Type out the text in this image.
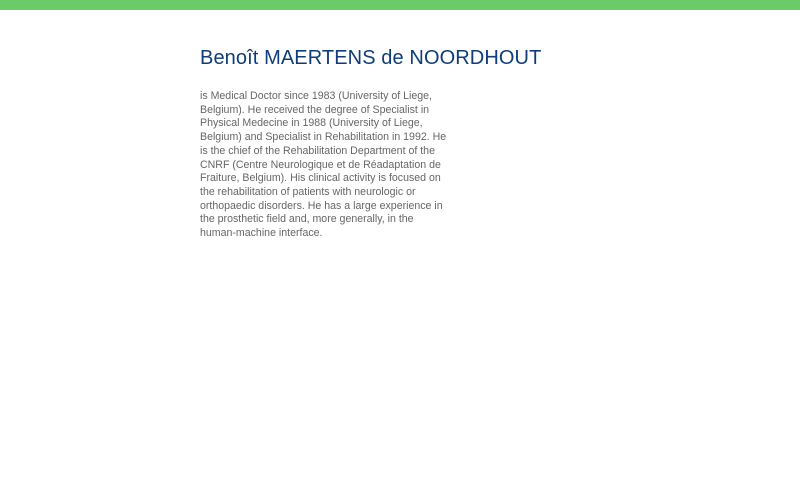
Benoît MAERTENS de NOORDHOUT

is Medical Doctor since 1983 (University of Liege,
Belgium). He received the degree of Specialist in
Physical Medecine in 1988 (University of Liege,
Belgium) and Specialist in Rehabilitation in 1992. He
is the chief of the Rehabilitation Department of the
CNRF (Centre Neurologique et de Réadaptation de
Fraiture, Belgium). His clinical activity is focused on
the rehabilitation of patients with neurologic or
orthopaedic disorders. He has a large experience in
the prosthetic field and, more generally, in the
human-machine interface.
